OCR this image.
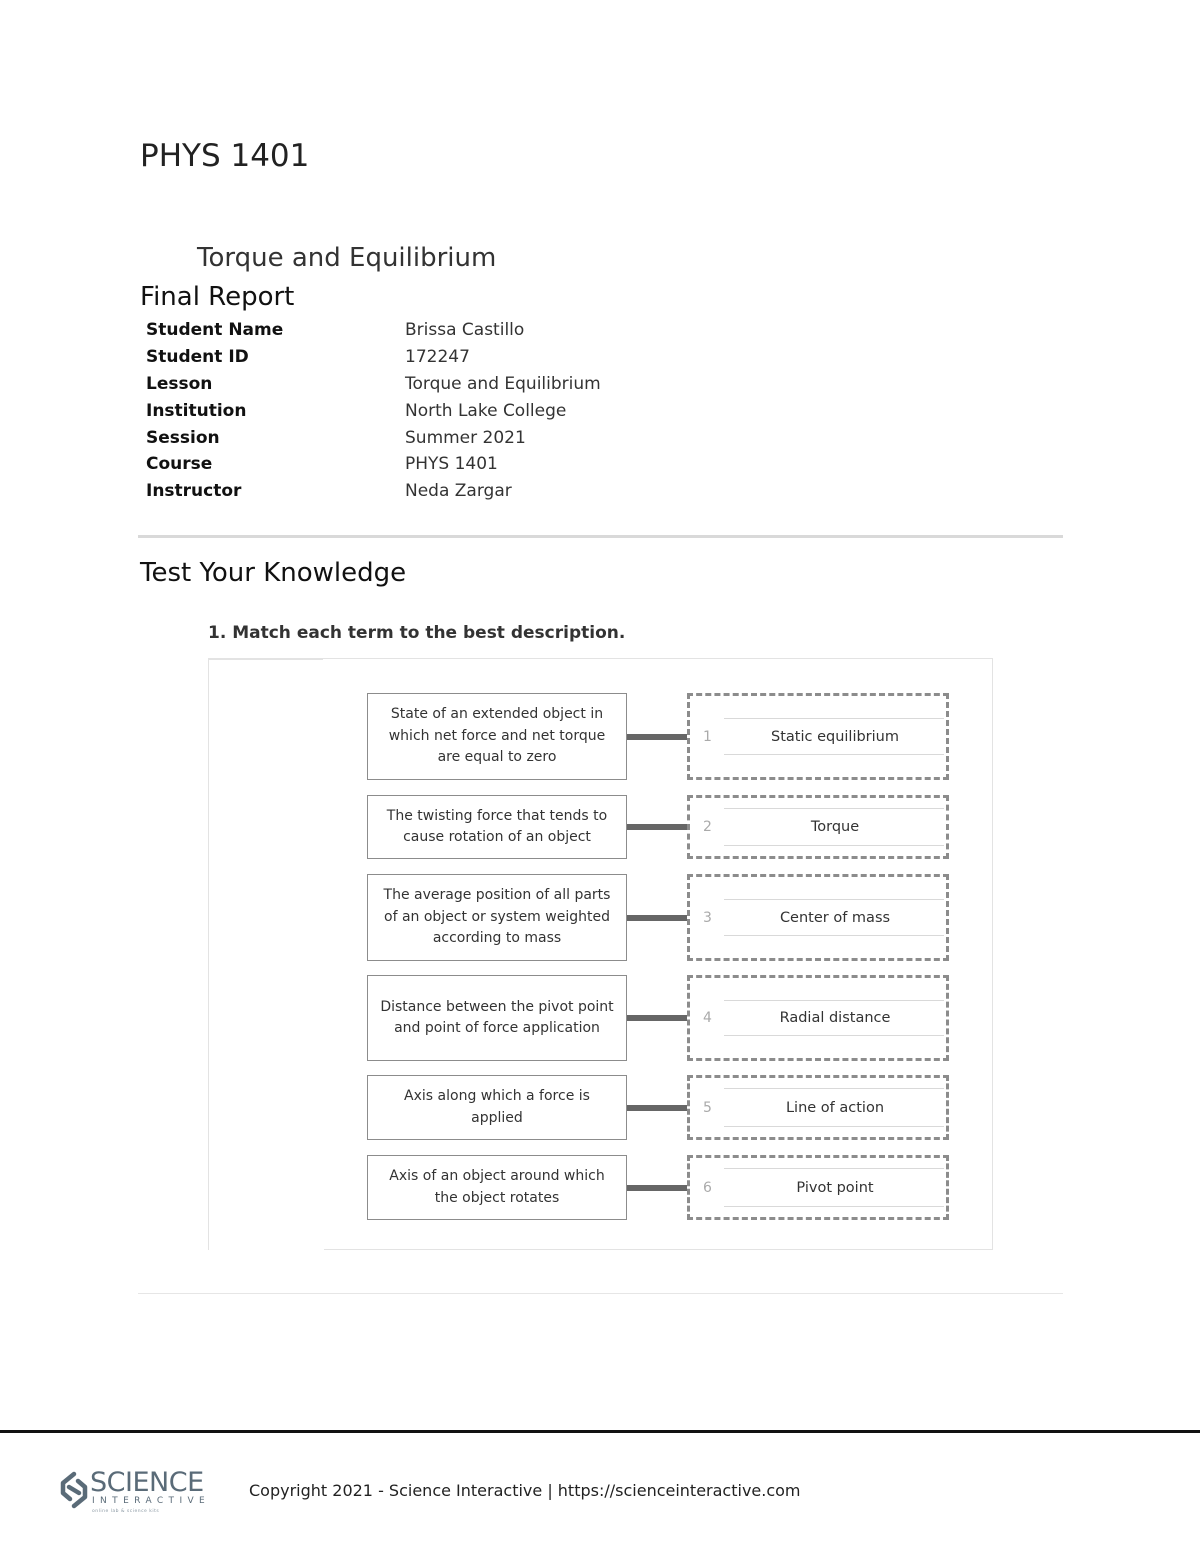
PHYS 1401
Torque and Equilibrium
Final Report
Student Name	Brissa Castillo
Student ID	172247
Lesson	Torque and Equilibrium
Institution	North Lake College
Session	Summer 2021
Course	PHYS 1401
Instructor	Neda Zargar
Test Your Knowledge
1. Match each term to the best description.
State of an extended object in which net force and net torque are equal to zero
1	Static equilibrium
The twisting force that tends to cause rotation of an object
2	Torque
The average position of all parts of an object or system weighted according to mass
3	Center of mass
Distance between the pivot point and point of force application
4	Radial distance
Axis along which a force is applied
5	Line of action
Axis of an object around which the object rotates
6	Pivot point
SCIENCE
INTERACTIVE
online lab & science kits
Copyright 2021 - Science Interactive | https://scienceinteractive.com
